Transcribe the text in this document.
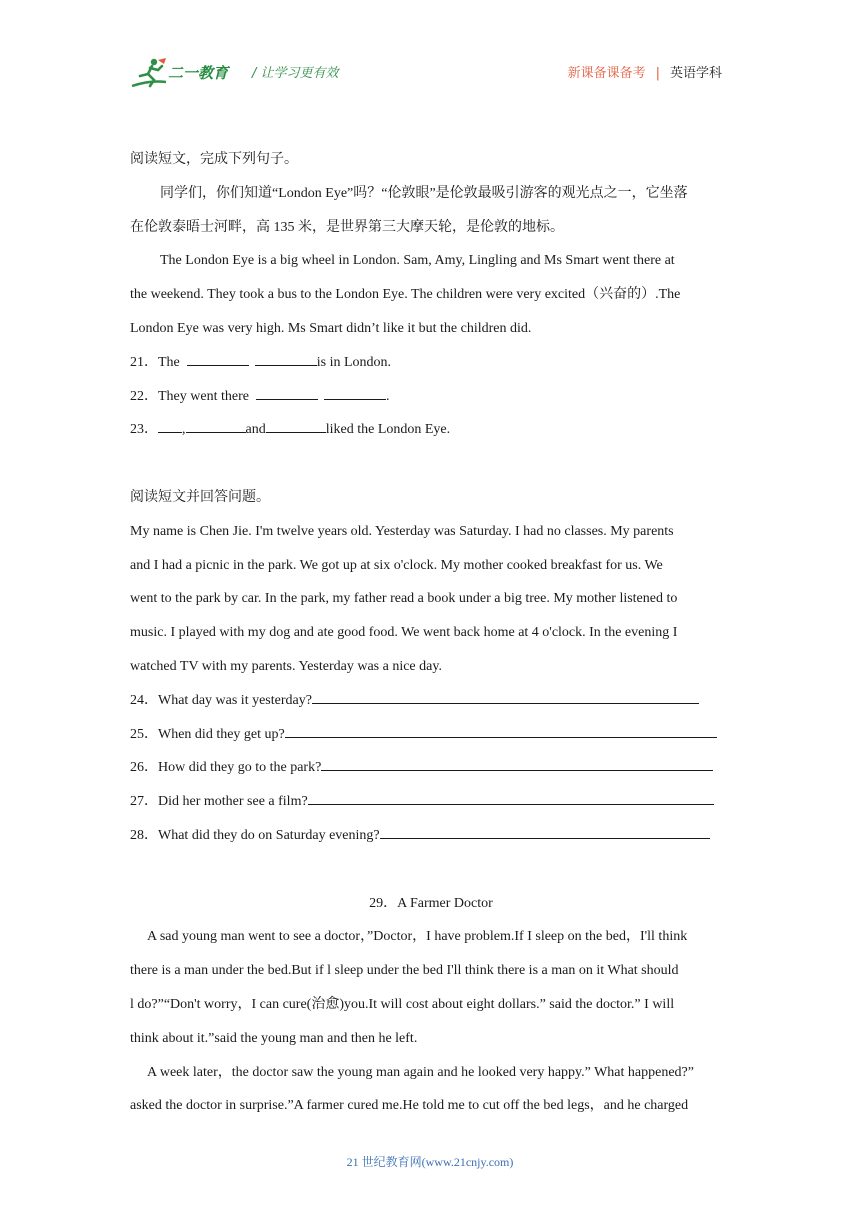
二一教育 / 让学习更有效	新课备课备考 | 英语学科
阅读短文，完成下列句子。
同学们，你们知道“London Eye”吗？“伦敦眼”是伦敦最吸引游客的观光点之一，它坐落
在伦敦泰晤士河畔，高 135 米，是世界第三大摩天轮，是伦敦的地标。
The London Eye is a big wheel in London. Sam, Amy, Lingling and Ms Smart went there at
the weekend. They took a bus to the London Eye. The children were very excited（兴奋的）.The
London Eye was very high. Ms Smart didn’t like it but the children did.
21．The	is in London.
22．They went there	.
23． ,	and	liked the London Eye.
阅读短文并回答问题。
My name is Chen Jie. I'm twelve years old. Yesterday was Saturday. I had no classes. My parents
and I had a picnic in the park. We got up at six o'clock. My mother cooked breakfast for us. We
went to the park by car. In the park, my father read a book under a big tree. My mother listened to
music. I played with my dog and ate good food. We went back home at 4 o'clock. In the evening I
watched TV with my parents. Yesterday was a nice day.
24．What day was it yesterday?
25．When did they get up?
26．How did they go to the park?
27．Did her mother see a film?
28．What did they do on Saturday evening?
29．A Farmer Doctor
A sad young man went to see a doctor，”Doctor，I have problem.If I sleep on the bed，I'll think
there is a man under the bed.But if l sleep under the bed I'll think there is a man on it What should
l do?”“Don't worry，I can cure(治愈)you.It will cost about eight dollars.” said the doctor.” I will
think about it.”said the young man and then he left.
A week later，the doctor saw the young man again and he looked very happy.” What happened?”
asked the doctor in surprise.”A farmer cured me.He told me to cut off the bed legs，and he charged
21 世纪教育网(www.21cnjy.com)
